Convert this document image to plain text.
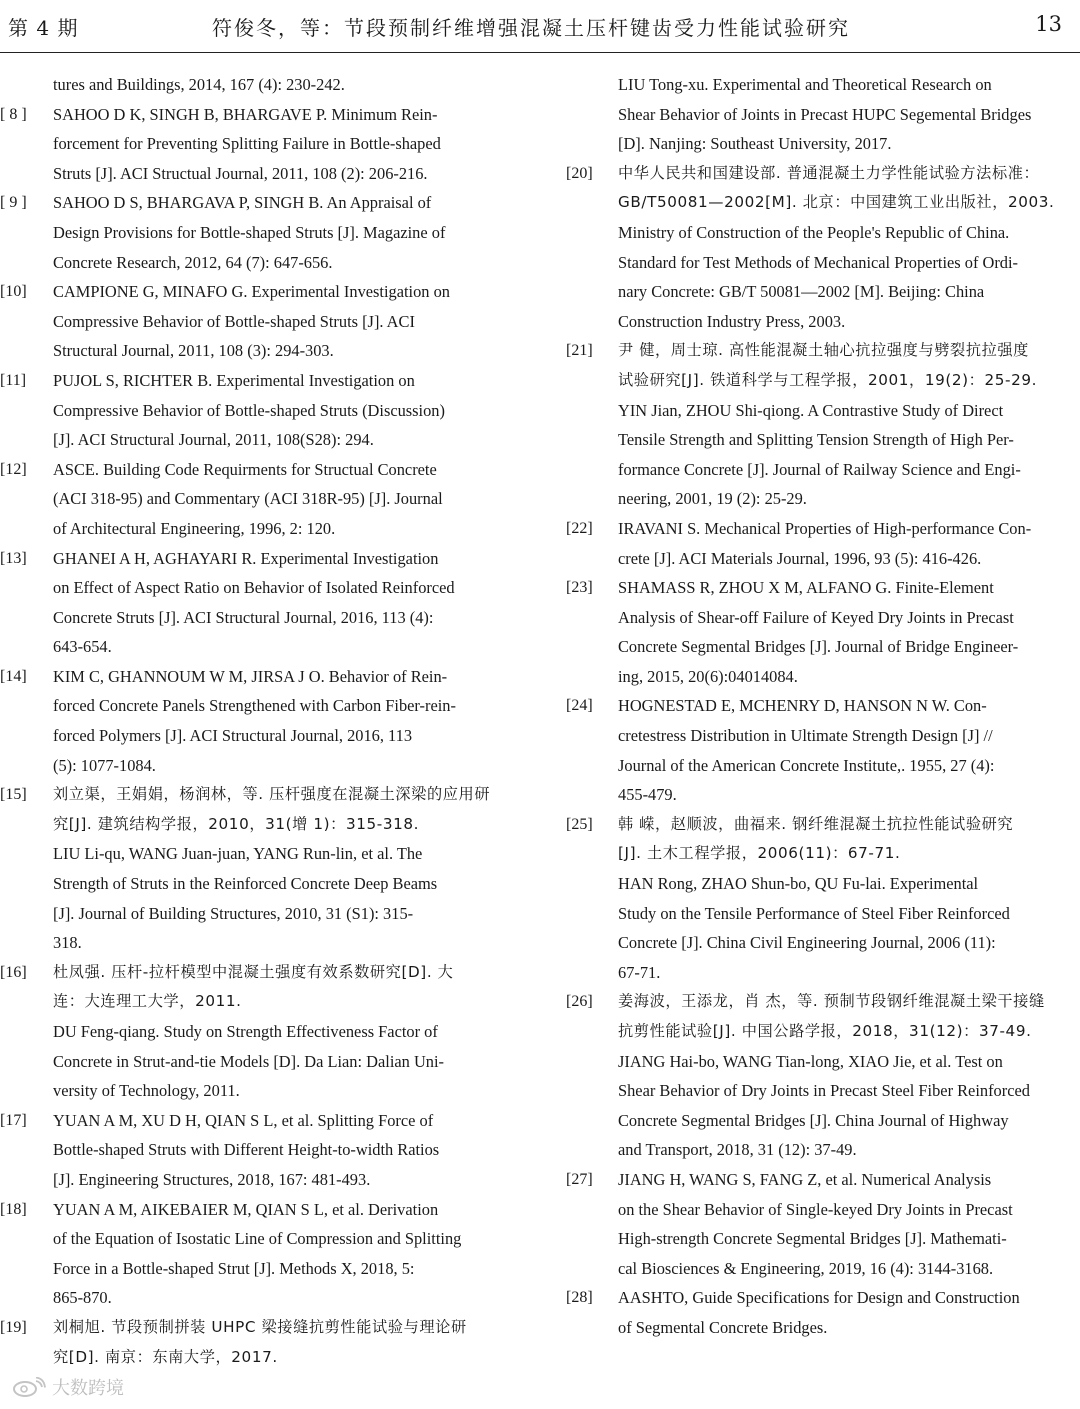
第 4 期	符俊冬，等：节段预制纤维增强混凝土压杆键齿受力性能试验研究	13
tures and Buildings, 2014, 167 (4): 230-242.
[ 8 ] SAHOO D K, SINGH B, BHARGAVE P. Minimum Rein-
forcement for Preventing Splitting Failure in Bottle-shaped
Struts [J]. ACI Structual Journal, 2011, 108 (2): 206-216.
[ 9 ] SAHOO D S, BHARGAVA P, SINGH B. An Appraisal of
Design Provisions for Bottle-shaped Struts [J]. Magazine of
Concrete Research, 2012, 64 (7): 647-656.
[10] CAMPIONE G, MINAFO G. Experimental Investigation on
Compressive Behavior of Bottle-shaped Struts [J]. ACI
Structural Journal, 2011, 108 (3): 294-303.
[11] PUJOL S, RICHTER B. Experimental Investigation on
Compressive Behavior of Bottle-shaped Struts (Discussion)
[J]. ACI Structural Journal, 2011, 108(S28): 294.
[12] ASCE. Building Code Requirments for Structual Concrete
(ACI 318-95) and Commentary (ACI 318R-95) [J]. Journal
of Architectural Engineering, 1996, 2: 120.
[13] GHANEI A H, AGHAYARI R. Experimental Investigation
on Effect of Aspect Ratio on Behavior of Isolated Reinforced
Concrete Struts [J]. ACI Structural Journal, 2016, 113 (4):
643-654.
[14] KIM C, GHANNOUM W M, JIRSA J O. Behavior of Rein-
forced Concrete Panels Strengthened with Carbon Fiber-rein-
forced Polymers [J]. ACI Structural Journal, 2016, 113
(5): 1077-1084.
[15] 刘立渠，王娟娟，杨润林，等. 压杆强度在混凝土深梁的应用研
究[J]. 建筑结构学报，2010，31(增 1)：315-318.
LIU Li-qu, WANG Juan-juan, YANG Run-lin, et al. The
Strength of Struts in the Reinforced Concrete Deep Beams
[J]. Journal of Building Structures, 2010, 31 (S1): 315-
318.
[16] 杜凤强. 压杆-拉杆模型中混凝土强度有效系数研究[D]. 大
连：大连理工大学，2011.
DU Feng-qiang. Study on Strength Effectiveness Factor of
Concrete in Strut-and-tie Models [D]. Da Lian: Dalian Uni-
versity of Technology, 2011.
[17] YUAN A M, XU D H, QIAN S L, et al. Splitting Force of
Bottle-shaped Struts with Different Height-to-width Ratios
[J]. Engineering Structures, 2018, 167: 481-493.
[18] YUAN A M, AIKEBAIER M, QIAN S L, et al. Derivation
of the Equation of Isostatic Line of Compression and Splitting
Force in a Bottle-shaped Strut [J]. Methods X, 2018, 5:
865-870.
[19] 刘桐旭. 节段预制拼装 UHPC 梁接缝抗剪性能试验与理论研
究[D]. 南京：东南大学，2017.
LIU Tong-xu. Experimental and Theoretical Research on
Shear Behavior of Joints in Precast HUPC Segemental Bridges
[D]. Nanjing: Southeast University, 2017.
[20] 中华人民共和国建设部. 普通混凝土力学性能试验方法标准：
GB/T50081—2002[M]. 北京：中国建筑工业出版社，2003.
Ministry of Construction of the People's Republic of China.
Standard for Test Methods of Mechanical Properties of Ordi-
nary Concrete: GB/T 50081—2002 [M]. Beijing: China
Construction Industry Press, 2003.
[21] 尹 健，周士琼. 高性能混凝土轴心抗拉强度与劈裂抗拉强度
试验研究[J]. 铁道科学与工程学报，2001，19(2)：25-29.
YIN Jian, ZHOU Shi-qiong. A Contrastive Study of Direct
Tensile Strength and Splitting Tension Strength of High Per-
formance Concrete [J]. Journal of Railway Science and Engi-
neering, 2001, 19 (2): 25-29.
[22] IRAVANI S. Mechanical Properties of High-performance Con-
crete [J]. ACI Materials Journal, 1996, 93 (5): 416-426.
[23] SHAMASS R, ZHOU X M, ALFANO G. Finite-Element
Analysis of Shear-off Failure of Keyed Dry Joints in Precast
Concrete Segmental Bridges [J]. Journal of Bridge Engineer-
ing, 2015, 20(6):04014084.
[24] HOGNESTAD E, MCHENRY D, HANSON N W. Con-
cretestress Distribution in Ultimate Strength Design [J] //
Journal of the American Concrete Institute,. 1955, 27 (4):
455-479.
[25] 韩 嵘，赵顺波，曲福来. 钢纤维混凝土抗拉性能试验研究
[J]. 土木工程学报，2006(11)：67-71.
HAN Rong, ZHAO Shun-bo, QU Fu-lai. Experimental
Study on the Tensile Performance of Steel Fiber Reinforced
Concrete [J]. China Civil Engineering Journal, 2006 (11):
67-71.
[26] 姜海波，王添龙，肖 杰，等. 预制节段钢纤维混凝土梁干接缝
抗剪性能试验[J]. 中国公路学报，2018，31(12)：37-49.
JIANG Hai-bo, WANG Tian-long, XIAO Jie, et al. Test on
Shear Behavior of Dry Joints in Precast Steel Fiber Reinforced
Concrete Segmental Bridges [J]. China Journal of Highway
and Transport, 2018, 31 (12): 37-49.
[27] JIANG H, WANG S, FANG Z, et al. Numerical Analysis
on the Shear Behavior of Single-keyed Dry Joints in Precast
High-strength Concrete Segmental Bridges [J]. Mathemati-
cal Biosciences & Engineering, 2019, 16 (4): 3144-3168.
[28] AASHTO, Guide Specifications for Design and Construction
of Segmental Concrete Bridges.
大数跨境
